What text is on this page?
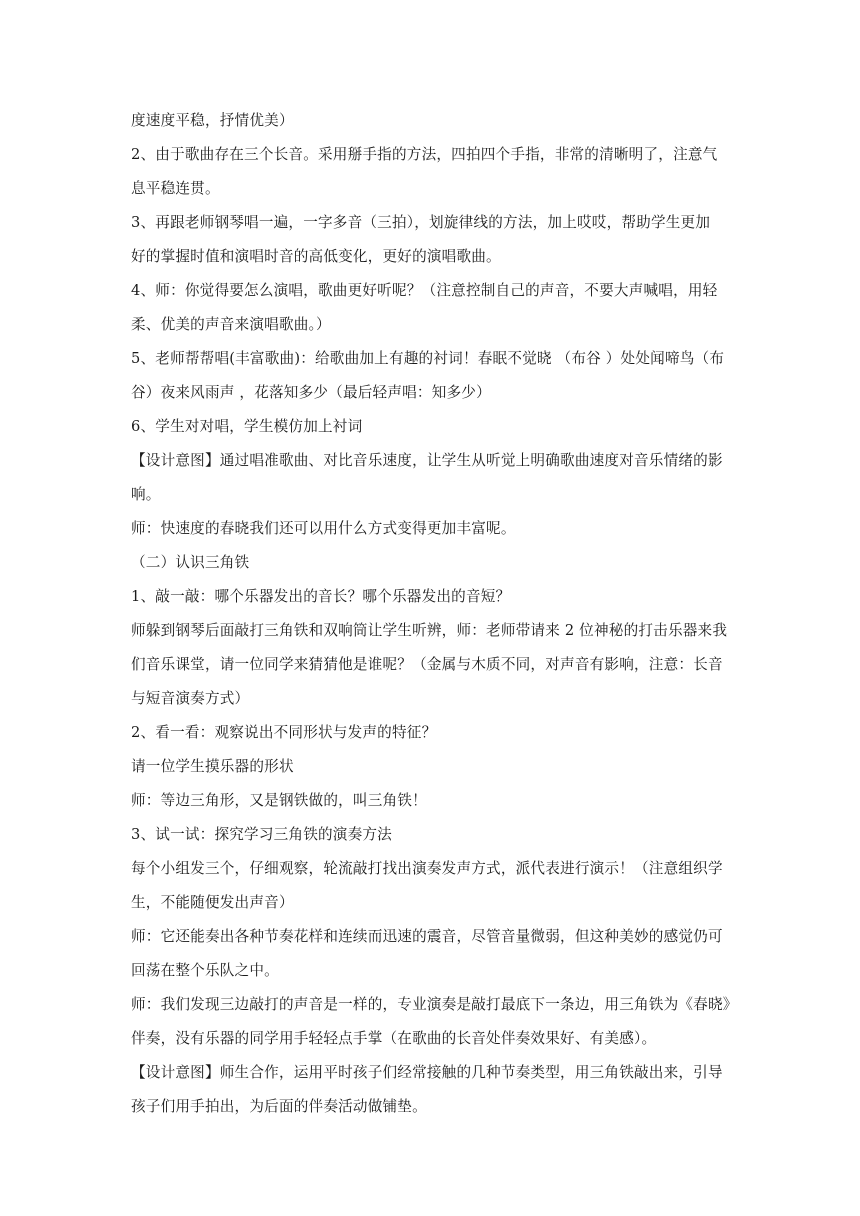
度速度平稳，抒情优美）
2、由于歌曲存在三个长音。采用掰手指的方法，四拍四个手指，非常的清晰明了，注意气
息平稳连贯。
3、再跟老师钢琴唱一遍，一字多音（三拍），划旋律线的方法，加上哎哎，帮助学生更加
好的掌握时值和演唱时音的高低变化，更好的演唱歌曲。
4、师：你觉得要怎么演唱，歌曲更好听呢？（注意控制自己的声音，不要大声喊唱，用轻
柔、优美的声音来演唱歌曲。）
5、老师帮帮唱(丰富歌曲)：给歌曲加上有趣的衬词！春眠不觉晓 （布谷 ）处处闻啼鸟（布
谷）夜来风雨声 ，花落知多少（最后轻声唱：知多少）
6、学生对对唱，学生模仿加上衬词
【设计意图】通过唱准歌曲、对比音乐速度，让学生从听觉上明确歌曲速度对音乐情绪的影
响。
师：快速度的春晓我们还可以用什么方式变得更加丰富呢。
（二）认识三角铁
1、敲一敲：哪个乐器发出的音长？哪个乐器发出的音短？
师躲到钢琴后面敲打三角铁和双响筒让学生听辨，师：老师带请来 2 位神秘的打击乐器来我
们音乐课堂，请一位同学来猜猜他是谁呢？（金属与木质不同，对声音有影响，注意：长音
与短音演奏方式）
2、看一看：观察说出不同形状与发声的特征？
请一位学生摸乐器的形状
师：等边三角形，又是钢铁做的，叫三角铁！
3、试一试：探究学习三角铁的演奏方法
每个小组发三个，仔细观察，轮流敲打找出演奏发声方式，派代表进行演示！（注意组织学
生，不能随便发出声音）
师：它还能奏出各种节奏花样和连续而迅速的震音，尽管音量微弱，但这种美妙的感觉仍可
回荡在整个乐队之中。
师：我们发现三边敲打的声音是一样的，专业演奏是敲打最底下一条边，用三角铁为《春晓》
伴奏，没有乐器的同学用手轻轻点手掌（在歌曲的长音处伴奏效果好、有美感）。
【设计意图】师生合作，运用平时孩子们经常接触的几种节奏类型，用三角铁敲出来，引导
孩子们用手拍出，为后面的伴奏活动做铺垫。
